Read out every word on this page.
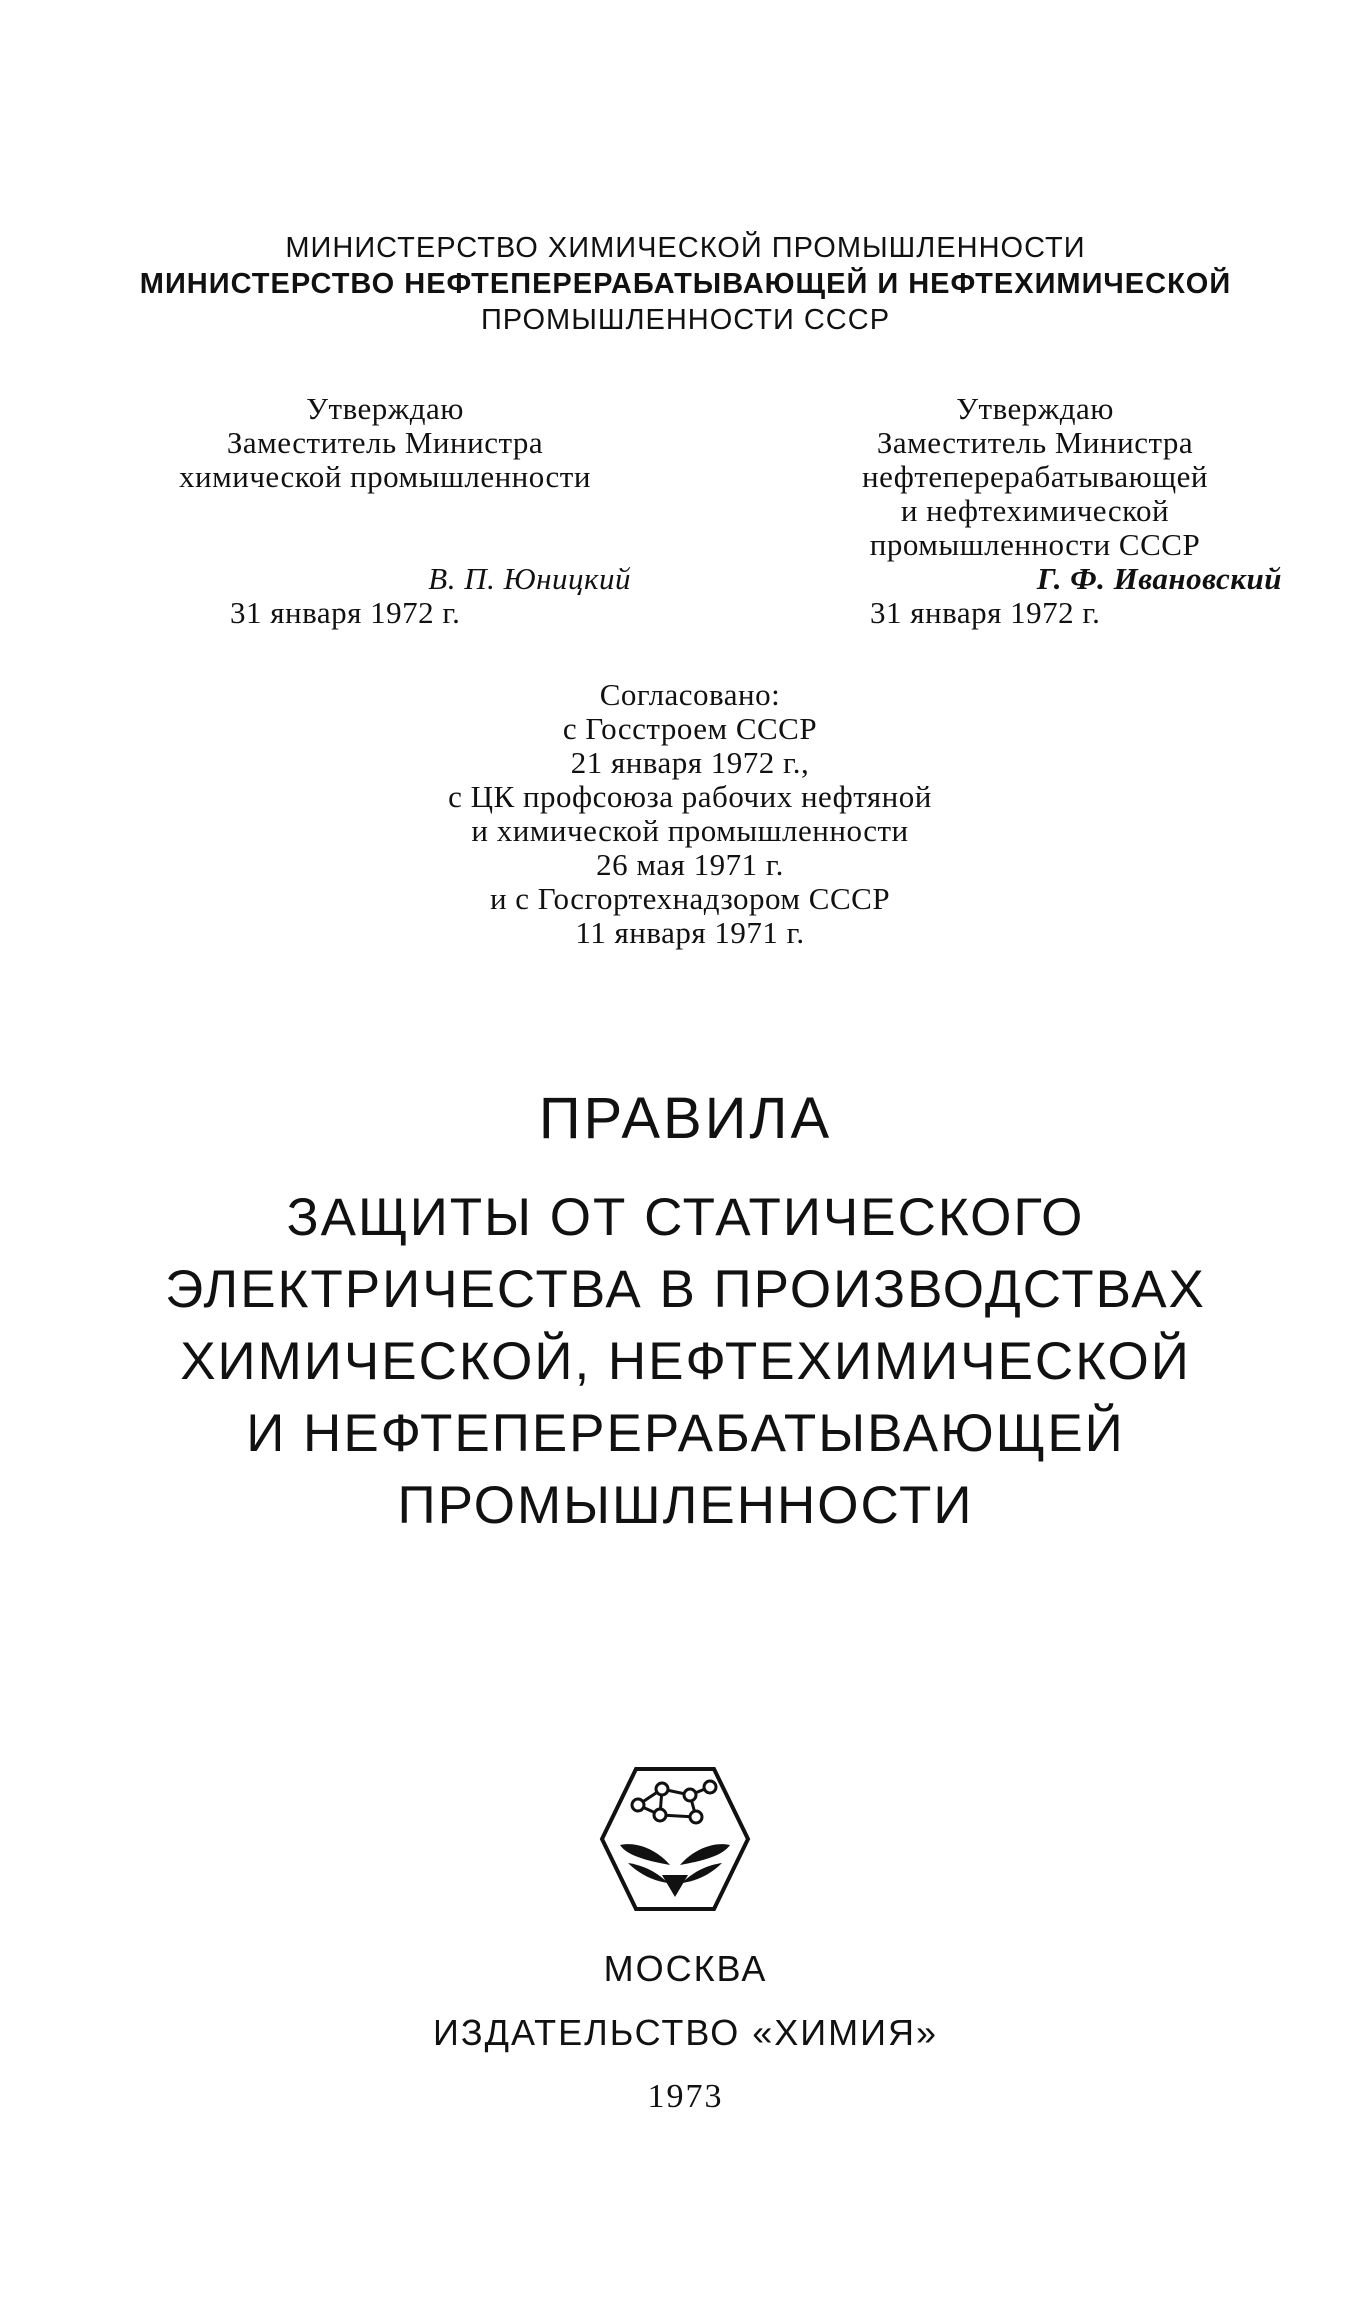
МИНИСТЕРСТВО ХИМИЧЕСКОЙ ПРОМЫШЛЕННОСТИ
МИНИСТЕРСТВО НЕФТЕПЕРЕРАБАТЫВАЮЩЕЙ И НЕФТЕХИМИЧЕСКОЙ
ПРОМЫШЛЕННОСТИ СССР
Утверждаю
Заместитель Министра
химической промышленности

В. П. Юницкий
31 января 1972 г.
Утверждаю
Заместитель Министра
нефтеперерабатывающей
и нефтехимической
промышленности СССР
Г. Ф. Ивановский
31 января 1972 г.
Согласовано:
с Госстроем СССР
21 января 1972 г.,
с ЦК профсоюза рабочих нефтяной
и химической промышленности
26 мая 1971 г.
и с Госгортехнадзором СССР
11 января 1971 г.
ПРАВИЛА
ЗАЩИТЫ ОТ СТАТИЧЕСКОГО
ЭЛЕКТРИЧЕСТВА В ПРОИЗВОДСТВАХ
ХИМИЧЕСКОЙ, НЕФТЕХИМИЧЕСКОЙ
И НЕФТЕПЕРЕРАБАТЫВАЮЩЕЙ
ПРОМЫШЛЕННОСТИ
МОСКВА
ИЗДАТЕЛЬСТВО «ХИМИЯ»
1973
